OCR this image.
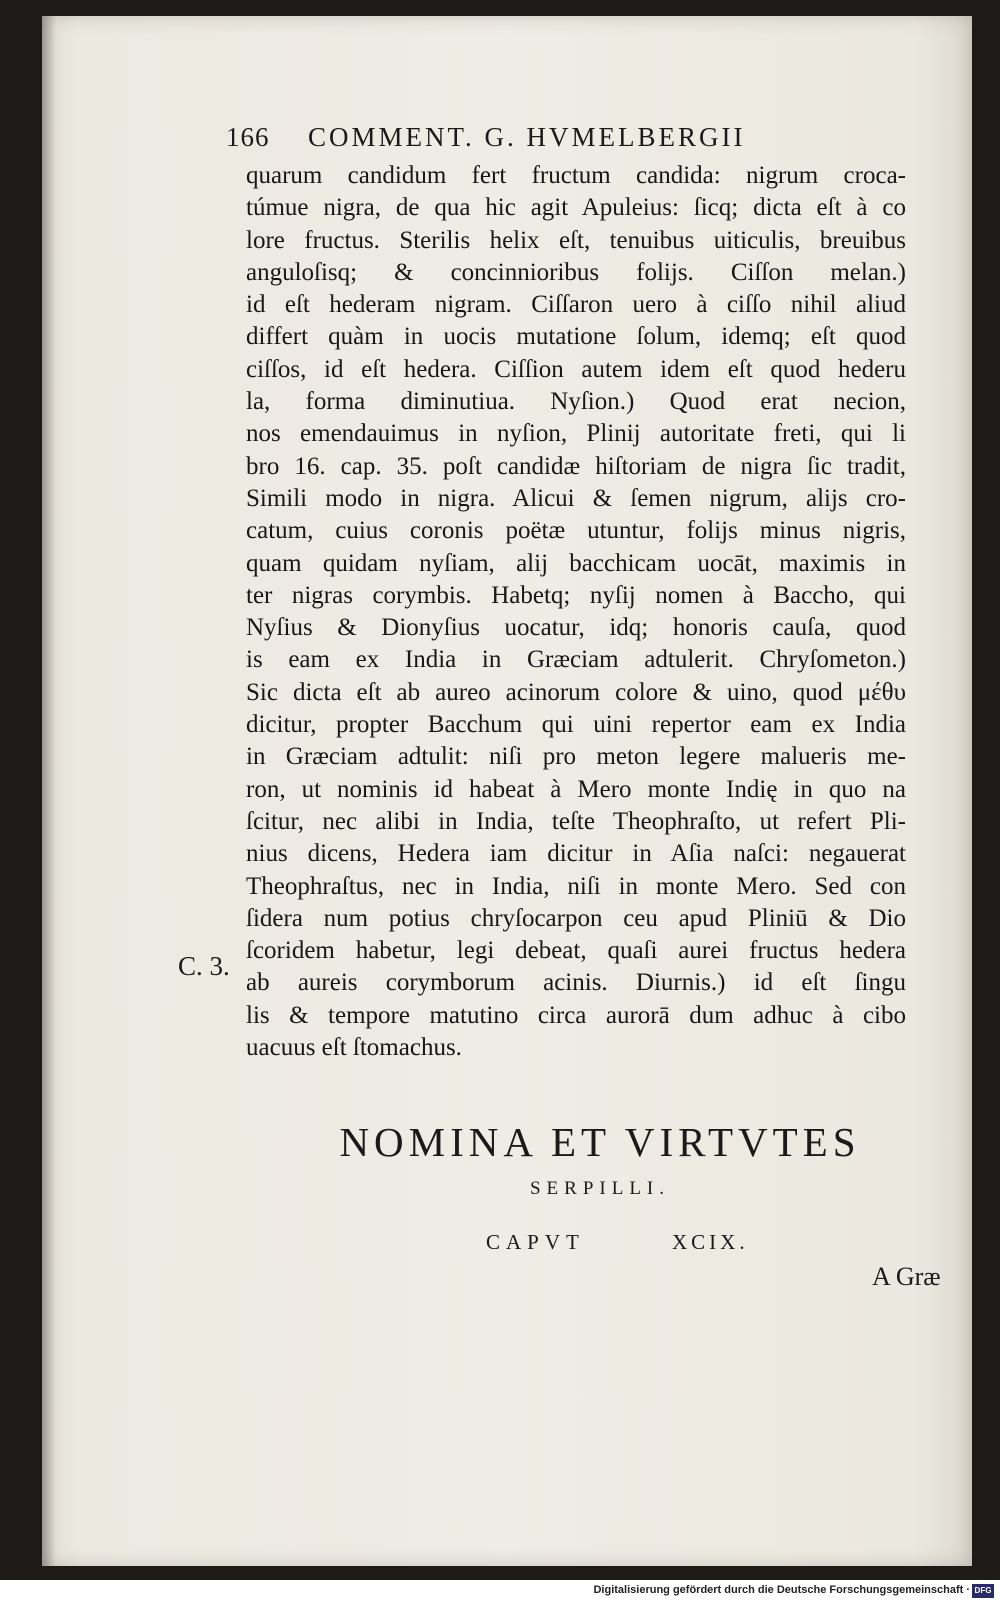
166 COMMENT. G. HVMELBERGII
quarum candidum fert fructum candida: nigrum croca-
túmue nigra, de qua hic agit Apuleius: ſicq; dicta eſt à co
lore fructus. Sterilis helix eſt, tenuibus uiticulis, breuibus
anguloſisq; & concinnioribus folijs. Ciſſon melan.)
id eſt hederam nigram. Ciſſaron uero à ciſſo nihil aliud
differt quàm in uocis mutatione ſolum, idemq; eſt quod
ciſſos, id eſt hedera. Ciſſion autem idem eſt quod hederu
la, forma diminutiua. Nyſion.) Quod erat necion,
nos emendauimus in nyſion, Plinij autoritate freti, qui li
bro 16. cap. 35. poſt candidæ hiſtoriam de nigra ſic tradit,
Simili modo in nigra. Alicui & ſemen nigrum, alijs cro-
catum, cuius coronis poëtæ utuntur, folijs minus nigris,
quam quidam nyſiam, alij bacchicam uocāt, maximis in
ter nigras corymbis. Habetq; nyſij nomen à Baccho, qui
Nyſius & Dionyſius uocatur, idq; honoris cauſa, quod
is eam ex India in Græciam adtulerit. Chryſometon.)
Sic dicta eſt ab aureo acinorum colore & uino, quod μέθυ
dicitur, propter Bacchum qui uini repertor eam ex India
in Græciam adtulit: niſi pro meton legere malueris me-
ron, ut nominis id habeat à Mero monte Indię in quo na
ſcitur, nec alibi in India, teſte Theophraſto, ut refert Pli-
nius dicens, Hedera iam dicitur in Aſia naſci: negauerat
Theophraſtus, nec in India, niſi in monte Mero. Sed con
ſidera num potius chryſocarpon ceu apud Pliniū & Dio
ſcoridem habetur, legi debeat, quaſi aurei fructus hedera
ab aureis corymborum acinis. Diurnis.) id eſt ſingu
lis & tempore matutino circa aurorā dum adhuc à cibo
uacuus eſt ſtomachus.
C. 3.
NOMINA ET VIRTVTES
SERPILLI.
CAPVT	XCIX.
A Græ
Digitalisierung gefördert durch die Deutsche Forschungsgemeinschaft · DFG
